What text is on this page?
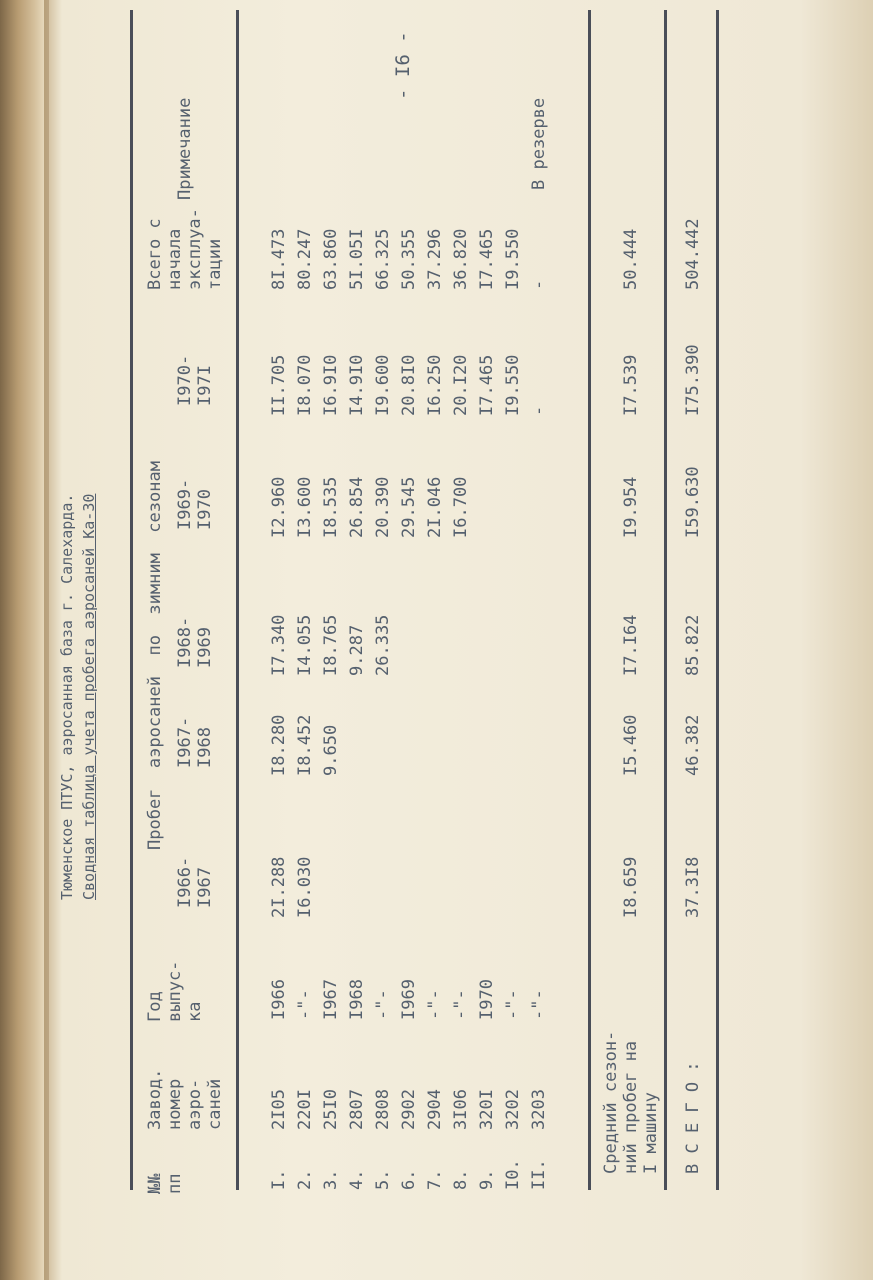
Тюменское ПТУС, аэросанная база г. Салехарда. Сводная таблица учета пробега аэросаней Ка-30
- I6 -
№№ пп
Завод. номер аэро- саней
Год выпус- ка
Пробег  аэросаней  по  зимним  сезонам
I966- I967
I967- I968
I968- I969
I969- I970
I970- I97I
Всего с начала эксплуа- тации
Примечание
I.
2I05
I966
2I.288
I8.280
I7.340
I2.960
II.705
8I.473
2.
220I
-"-
I6.030
I8.452
I4.055
I3.600
I8.070
80.247
3.
25I0
I967
9.650
I8.765
I8.535
I6.9I0
63.860
4.
2807
I968
9.287
26.854
I4.9I0
5I.05I
5.
2808
-"-
26.335
20.390
I9.600
66.325
6.
2902
I969
29.545
20.8I0
50.355
7.
2904
-"-
2I.046
I6.250
37.296
8.
3I06
-"-
I6.700
20.I20
36.820
9.
320I
I970
I7.465
I7.465
I0.
3202
-"-
I9.550
I9.550
II.
3203
-"-
-
-
В резерве
Средний сезон- ний пробег на I машину
I8.659
I5.460
I7.I64
I9.954
I7.539
50.444
В С Е Г О :
37.3I8
46.382
85.822
I59.630
I75.390
504.442
